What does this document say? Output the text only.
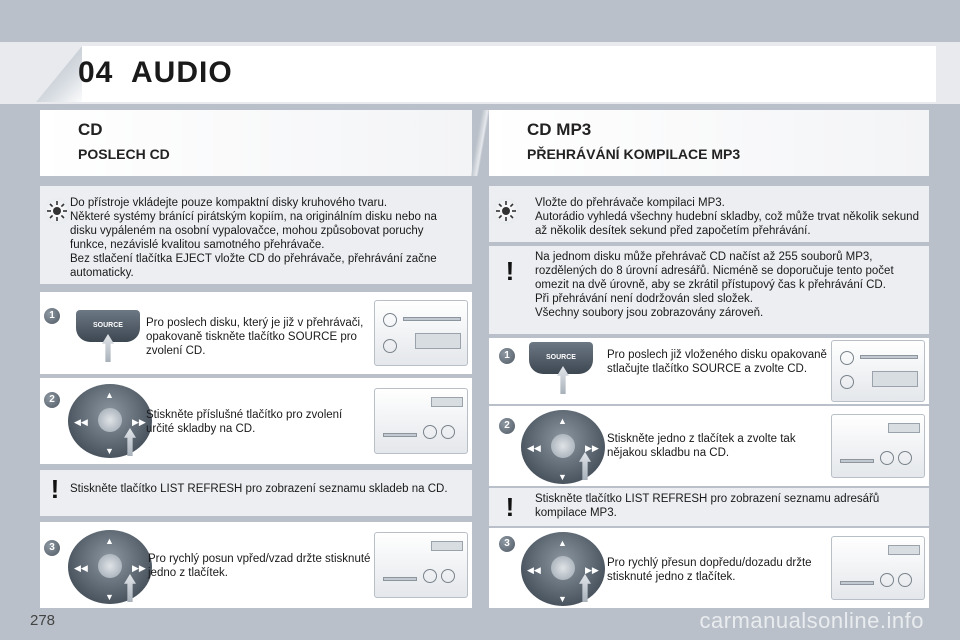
04 AUDIO
CD
POSLECH CD
CD MP3
PŘEHRÁVÁNÍ KOMPILACE MP3
Do přístroje vkládejte pouze kompaktní disky kruhového tvaru.
Některé systémy bránící pirátským kopiím, na originálním disku nebo na disku vypáleném na osobní vypalovačce, mohou způsobovat poruchy funkce, nezávislé kvalitou samotného přehrávače.
Bez stlačení tlačítka EJECT vložte CD do přehrávače, přehrávání začne automaticky.
1
SOURCE	Pro poslech disku, který je již v přehrávači, opakovaně tiskněte tlačítko SOURCE pro zvolení CD.
2	▲
▼
◀◀	▶▶
Stiskněte příslušné tlačítko pro zvolení určité skladby na CD.
! Stiskněte tlačítko LIST REFRESH pro zobrazení seznamu skladeb na CD.
3
▲
▼
◀◀	▶▶
Pro rychlý posun vpřed/vzad držte stisknuté jedno z tlačítek.
Vložte do přehrávače kompilaci MP3.
Autorádio vyhledá všechny hudební skladby, což může trvat několik sekund až několik desítek sekund před započetím přehrávání.
!	Na jednom disku může přehrávač CD načíst až 255 souborů MP3, rozdělených do 8 úrovní adresářů. Nicméně se doporučuje tento počet omezit na dvě úrovně, aby se zkrátil přístupový čas k přehrávání CD.
Při přehrávání není dodržován sled složek.
Všechny soubory jsou zobrazovány zároveň.
1	SOURCE	Pro poslech již vloženého disku opakovaně stlačujte tlačítko SOURCE a zvolte CD.
2	▲
▼
◀◀	▶▶
Stiskněte jedno z tlačítek a zvolte tak nějakou skladbu na CD.
!	Stiskněte tlačítko LIST REFRESH pro zobrazení seznamu adresářů kompilace MP3.
3	▲
▼
◀◀	▶▶
Pro rychlý přesun dopředu/dozadu držte stisknuté jedno z tlačítek.
278	carmanualsonline.info
